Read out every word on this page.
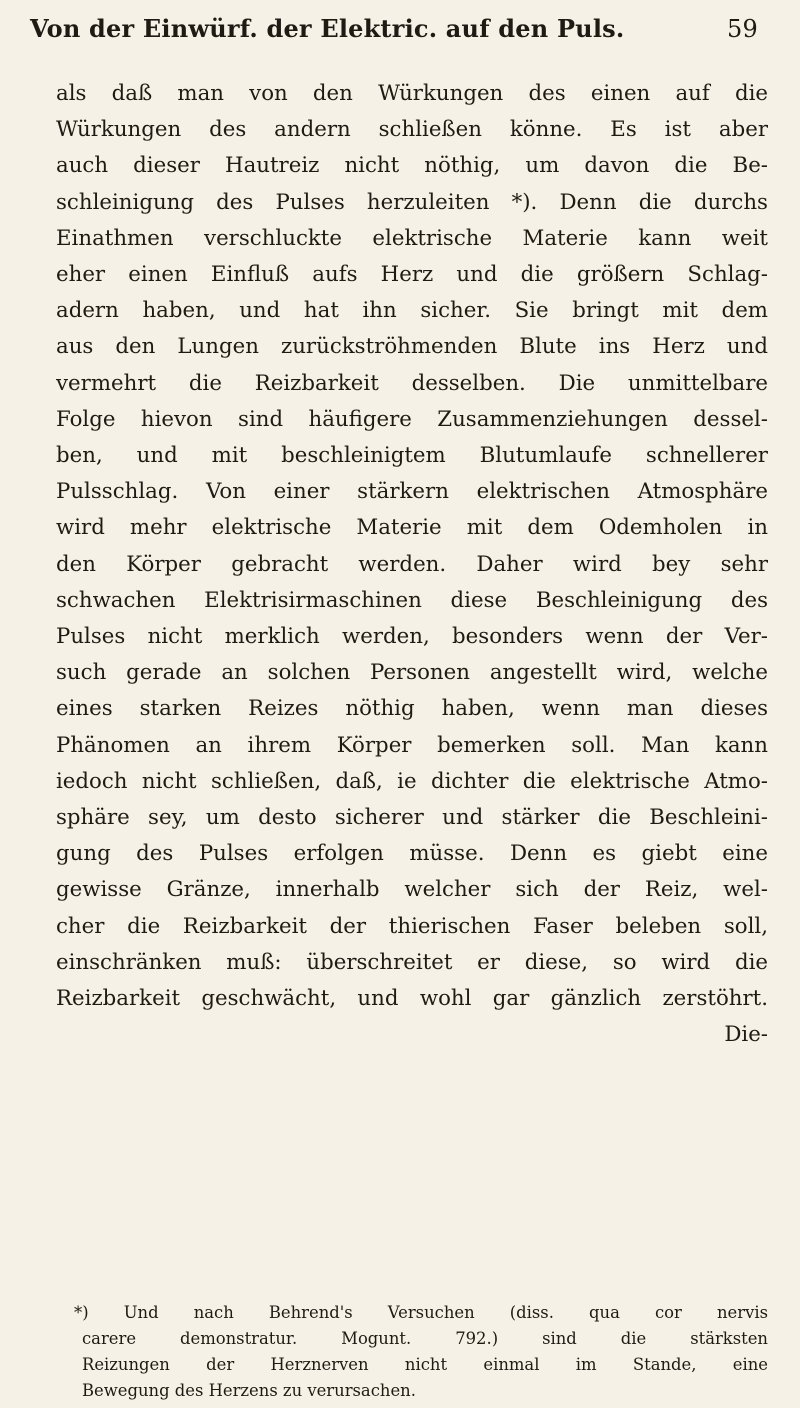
Von der Einwürf. der Elektric. auf den Puls.	59
als daß man von den Würkungen des einen auf die
Würkungen des andern schließen könne. Es ist aber
auch dieser Hautreiz nicht nöthig, um davon die Be-
schleinigung des Pulses herzuleiten *). Denn die durchs
Einathmen verschluckte elektrische Materie kann weit
eher einen Einfluß aufs Herz und die größern Schlag-
adern haben, und hat ihn sicher. Sie bringt mit dem
aus den Lungen zurückströhmenden Blute ins Herz und
vermehrt die Reizbarkeit desselben. Die unmittelbare
Folge hievon sind häufigere Zusammenziehungen dessel-
ben, und mit beschleinigtem Blutumlaufe schnellerer
Pulsschlag. Von einer stärkern elektrischen Atmosphäre
wird mehr elektrische Materie mit dem Odemholen in
den Körper gebracht werden. Daher wird bey sehr
schwachen Elektrisirmaschinen diese Beschleinigung des
Pulses nicht merklich werden, besonders wenn der Ver-
such gerade an solchen Personen angestellt wird, welche
eines starken Reizes nöthig haben, wenn man dieses
Phänomen an ihrem Körper bemerken soll. Man kann
iedoch nicht schließen, daß, ie dichter die elektrische Atmo-
sphäre sey, um desto sicherer und stärker die Beschleini-
gung des Pulses erfolgen müsse. Denn es giebt eine
gewisse Gränze, innerhalb welcher sich der Reiz, wel-
cher die Reizbarkeit der thierischen Faser beleben soll,
einschränken muß: überschreitet er diese, so wird die
Reizbarkeit geschwächt, und wohl gar gänzlich zerstöhrt.
Die-
*) Und nach Behrend's Versuchen (diss. qua cor nervis
carere demonstratur. Mogunt. 792.) sind die stärksten
Reizungen der Herznerven nicht einmal im Stande, eine
Bewegung des Herzens zu verursachen.
